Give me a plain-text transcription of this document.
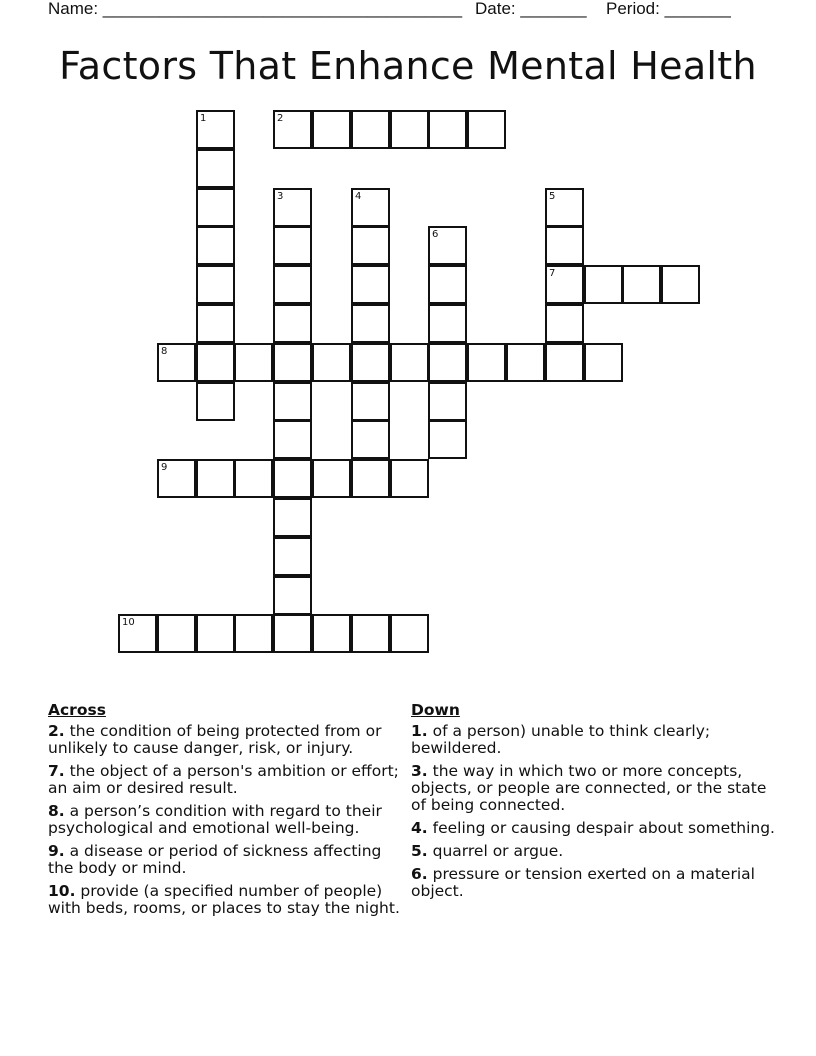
Name: ______________________________________ Date: _______ Period: _______
Factors That Enhance Mental Health
1	2
3	4	5
7
6
8
9
10
Across
2. the condition of being protected from or unlikely to cause danger, risk, or injury.
7. the object of a person's ambition or effort; an aim or desired result.
8. a person’s condition with regard to their psychological and emotional well-being.
9. a disease or period of sickness affecting the body or mind.
10. provide (a specified number of people) with beds, rooms, or places to stay the night.
Down
1. of a person) unable to think clearly; bewildered.
3. the way in which two or more concepts, objects, or people are connected, or the state of being connected.
4. feeling or causing despair about something.
5. quarrel or argue.
6. pressure or tension exerted on a material object.
